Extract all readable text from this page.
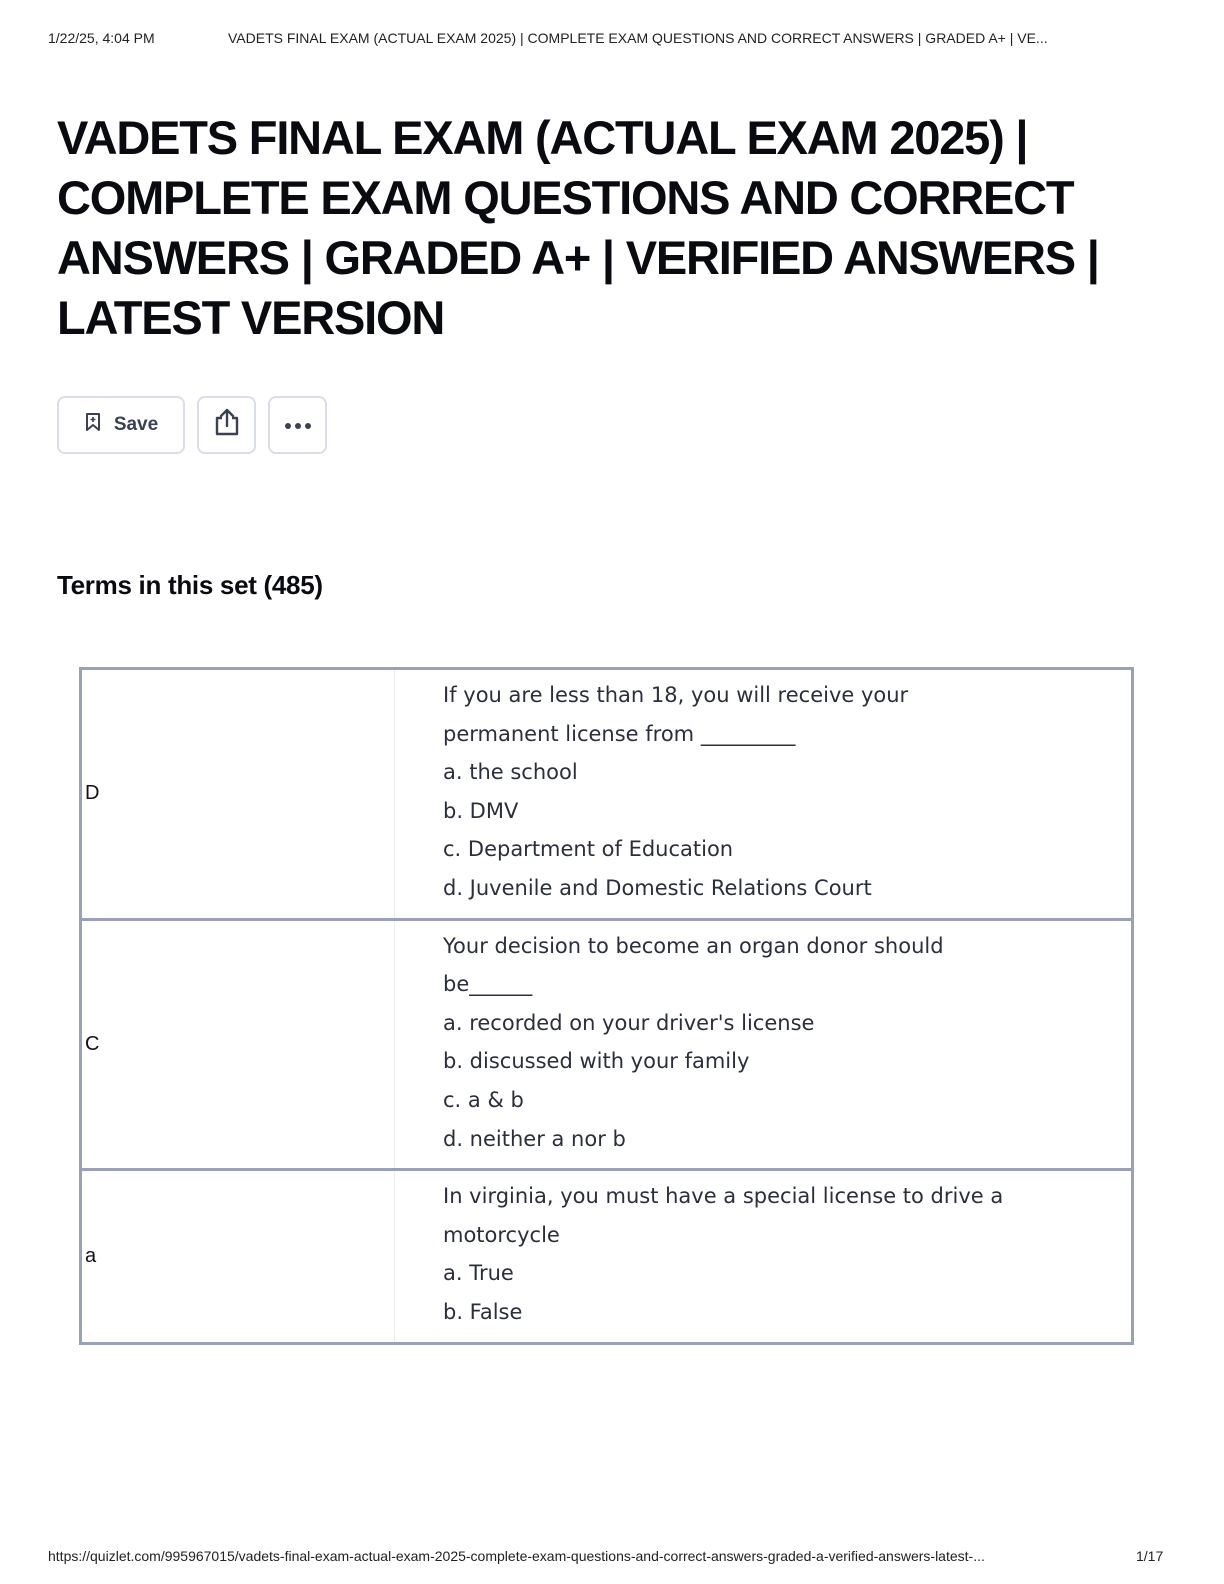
1/22/25, 4:04 PM	VADETS FINAL EXAM (ACTUAL EXAM 2025) | COMPLETE EXAM QUESTIONS AND CORRECT ANSWERS | GRADED A+ | VE...
VADETS FINAL EXAM (ACTUAL EXAM 2025) |
COMPLETE EXAM QUESTIONS AND CORRECT
ANSWERS | GRADED A+ | VERIFIED ANSWERS |
LATEST VERSION
Save
Terms in this set (485)
D
If you are less than 18, you will receive your
permanent license from _________
a. the school
b. DMV
c. Department of Education
d. Juvenile and Domestic Relations Court
C
Your decision to become an organ donor should
be______
a. recorded on your driver's license
b. discussed with your family
c. a & b
d. neither a nor b
a
In virginia, you must have a special license to drive a
motorcycle
a. True
b. False
https://quizlet.com/995967015/vadets-final-exam-actual-exam-2025-complete-exam-questions-and-correct-answers-graded-a-verified-answers-latest-...	1/17
